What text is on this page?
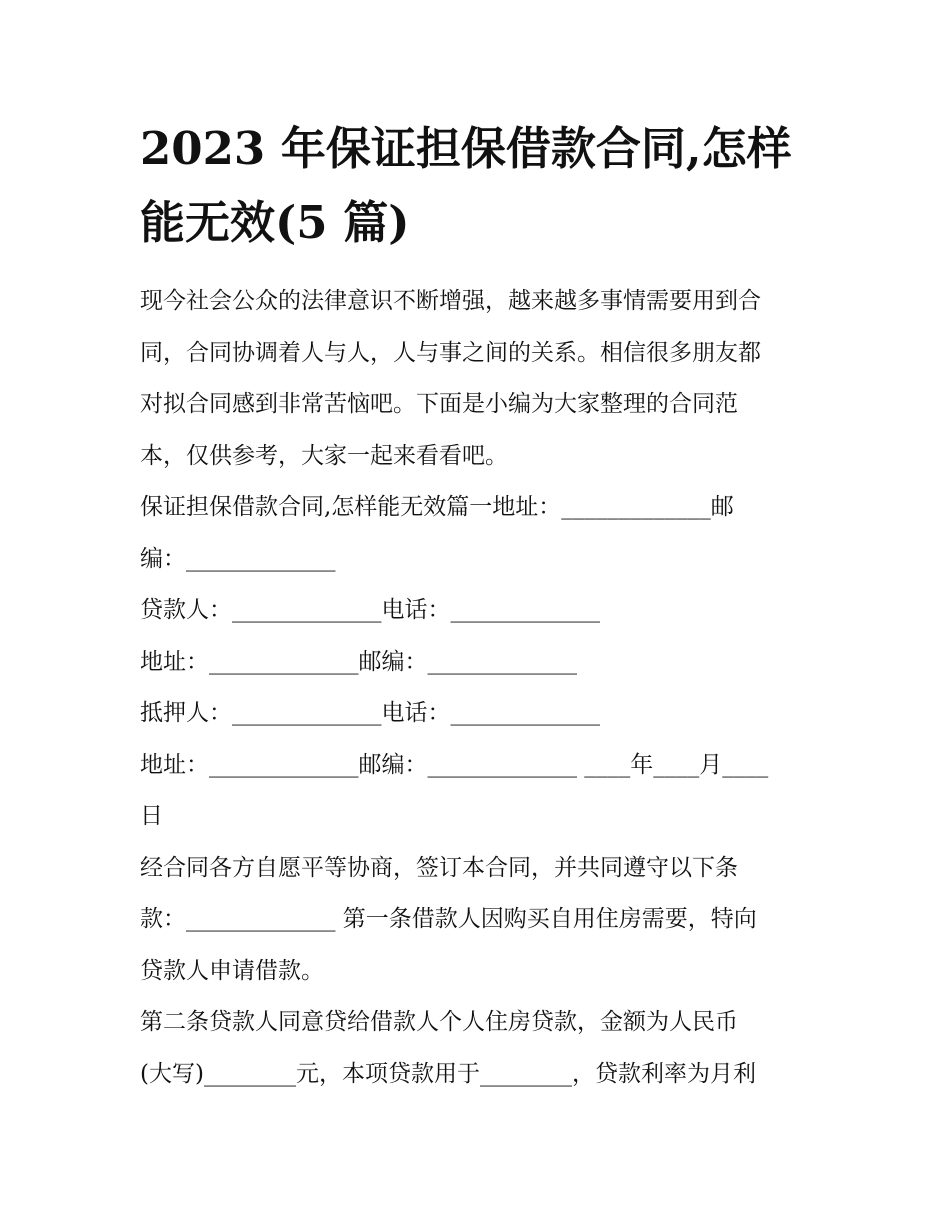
2023 年保证担保借款合同,怎样
能无效(5 篇)

现今社会公众的法律意识不断增强，越来越多事情需要用到合
同，合同协调着人与人，人与事之间的关系。相信很多朋友都
对拟合同感到非常苦恼吧。下面是小编为大家整理的合同范
本，仅供参考，大家一起来看看吧。

保证担保借款合同,怎样能无效篇一地址：_____________邮
编：_____________

贷款人：_____________电话：_____________

地址：_____________邮编：_____________

抵押人：_____________电话：_____________

地址：_____________邮编：_____________ ____年____月____
日

经合同各方自愿平等协商，签订本合同，并共同遵守以下条
款：_____________ 第一条借款人因购买自用住房需要，特向
贷款人申请借款。

第二条贷款人同意贷给借款人个人住房贷款，金额为人民币
(大写)________元，本项贷款用于________，贷款利率为月利
